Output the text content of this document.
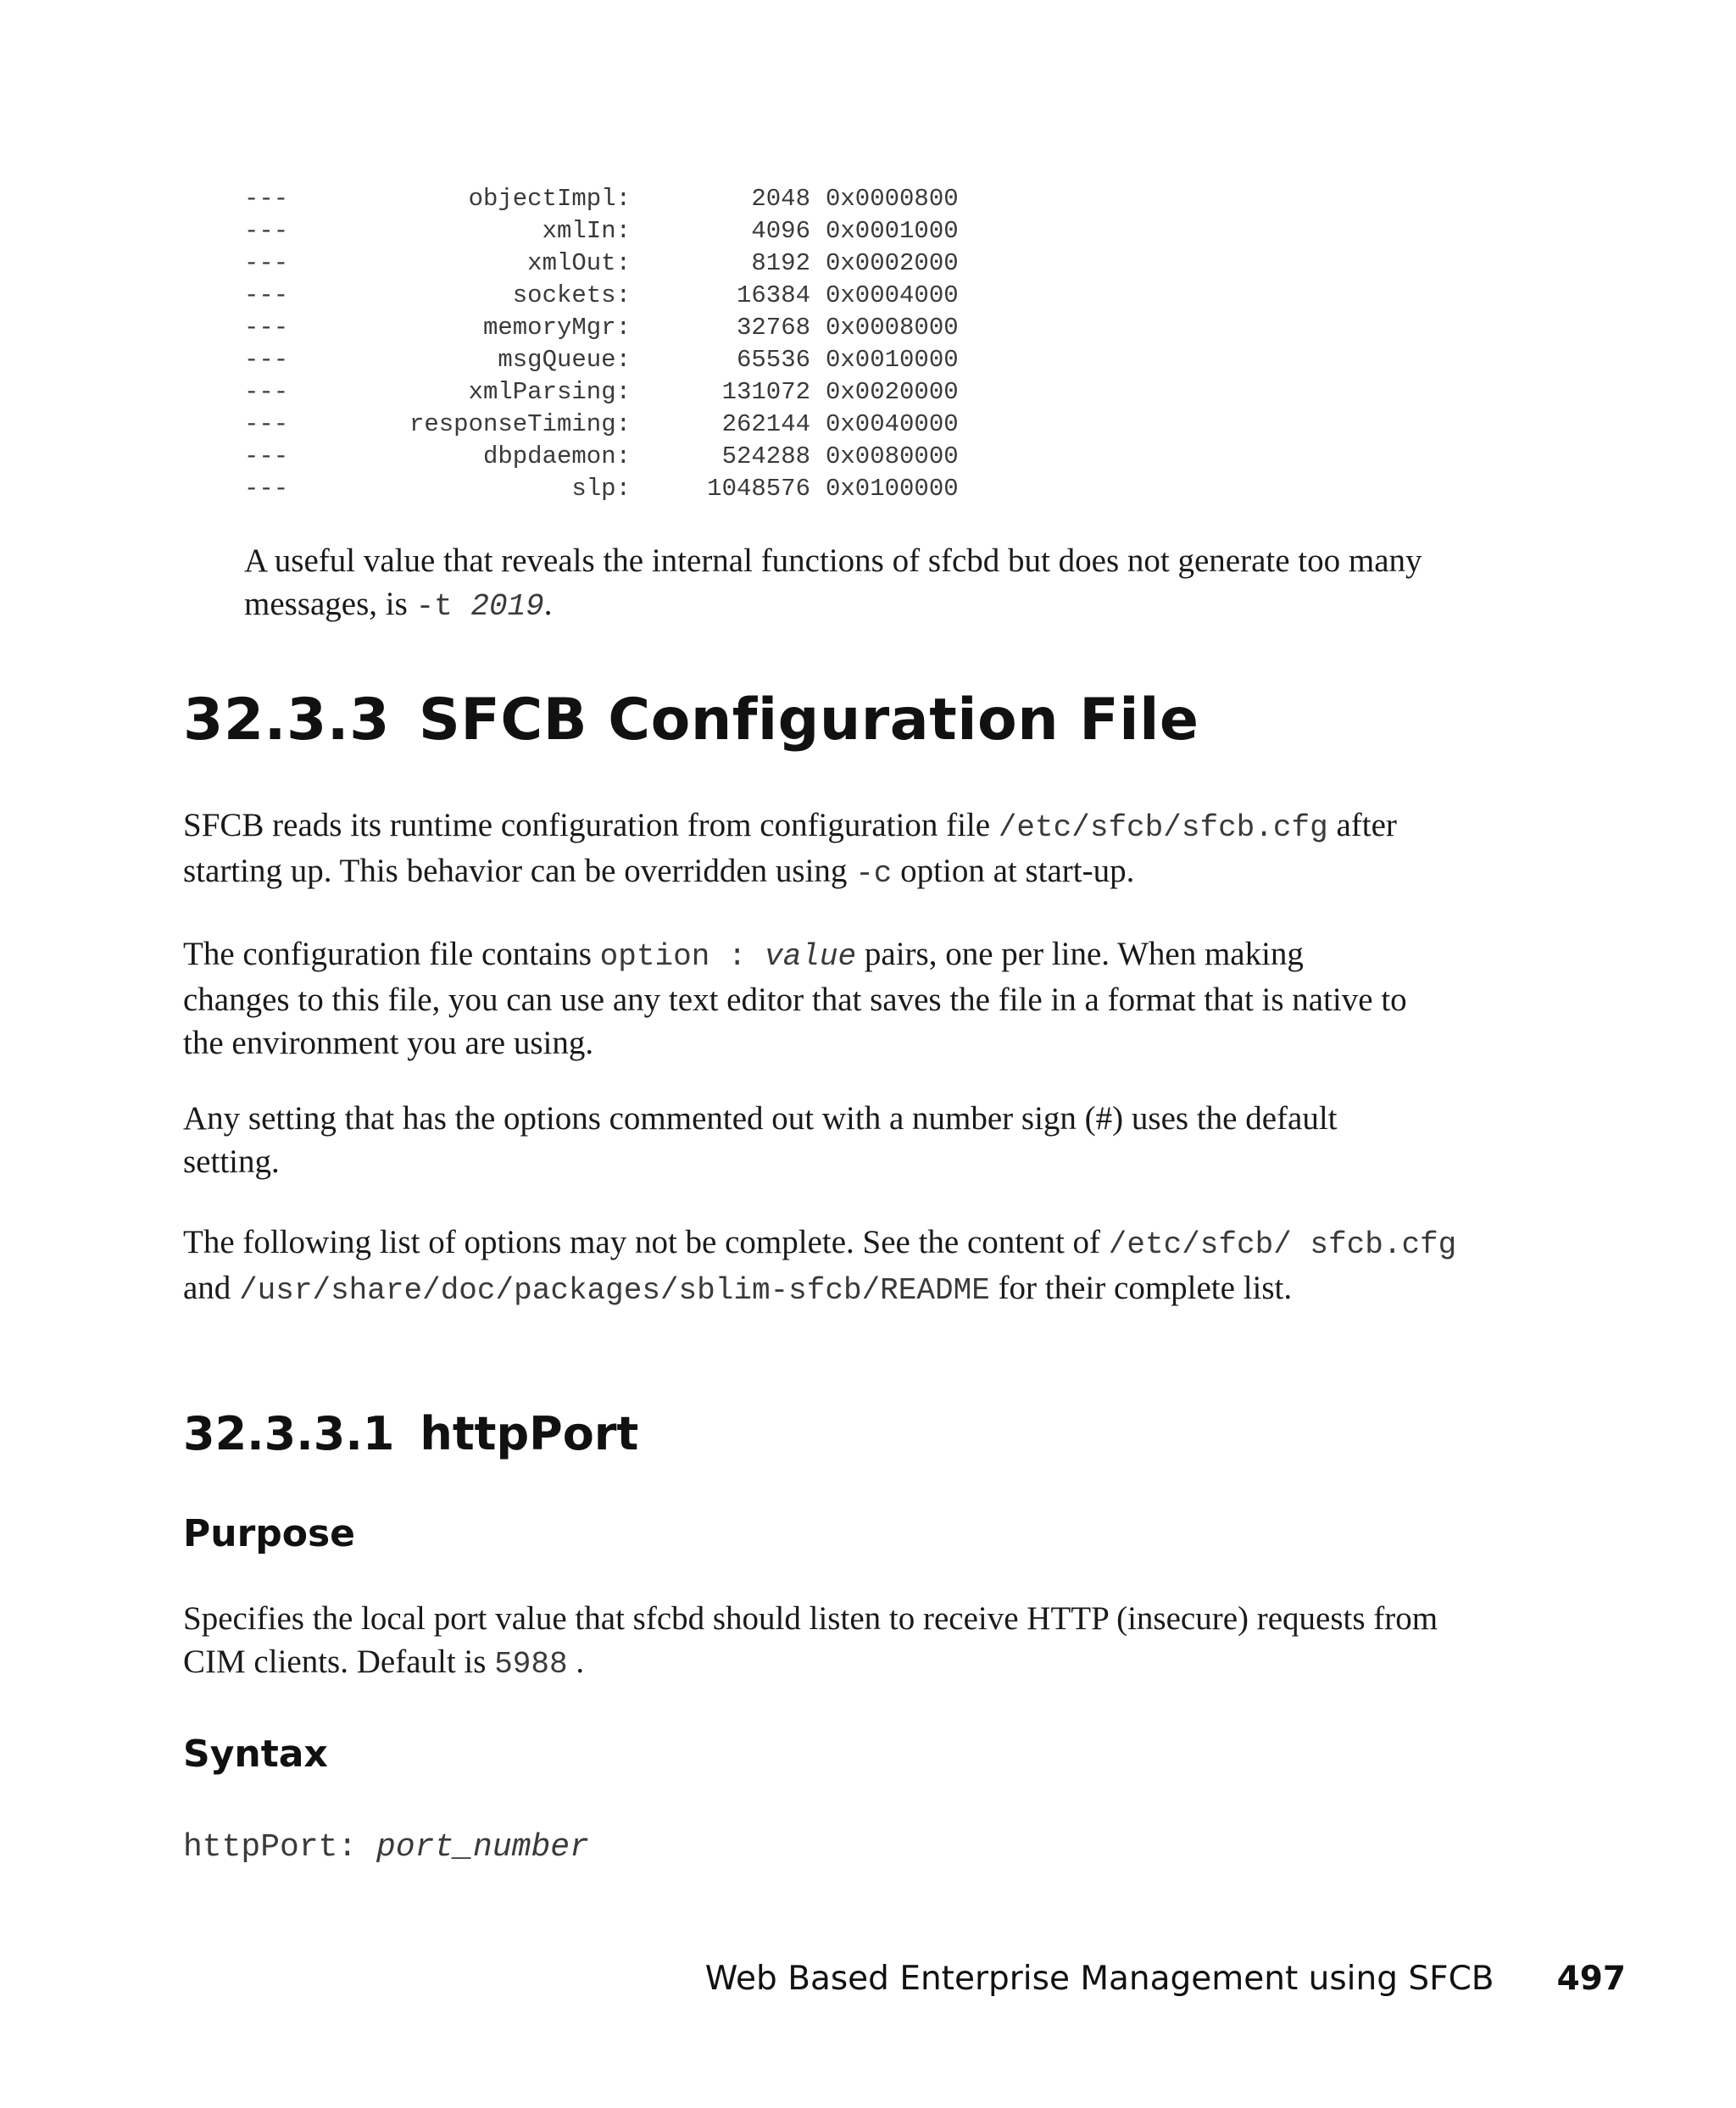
---	objectImpl:	2048 0x0000800
---	xmlIn:	4096 0x0001000
---	xmlOut:	8192 0x0002000
---	sockets:	16384 0x0004000
---	memoryMgr:	32768 0x0008000
---	msgQueue:	65536 0x0010000
---	xmlParsing:	131072 0x0020000
---	responseTiming:	262144 0x0040000
---	dbpdaemon:	524288 0x0080000
---	slp:	1048576 0x0100000
A useful value that reveals the internal functions of sfcbd but does not generate too many messages, is -t 2019.
32.3.3 SFCB Configuration File
SFCB reads its runtime configuration from configuration file /etc/sfcb/sfcb.cfg after starting up. This behavior can be overridden using -c option at start-up.
The configuration file contains option : value pairs, one per line. When making changes to this file, you can use any text editor that saves the file in a format that is native to the environment you are using.
Any setting that has the options commented out with a number sign (#) uses the default setting.
The following list of options may not be complete. See the content of /etc/sfcb/ sfcb.cfg and /usr/share/doc/packages/sblim-sfcb/README for their complete list.
32.3.3.1 httpPort
Purpose
Specifies the local port value that sfcbd should listen to receive HTTP (insecure) requests from CIM clients. Default is 5988 .
Syntax
httpPort: port_number
Web Based Enterprise Management using SFCB 497
